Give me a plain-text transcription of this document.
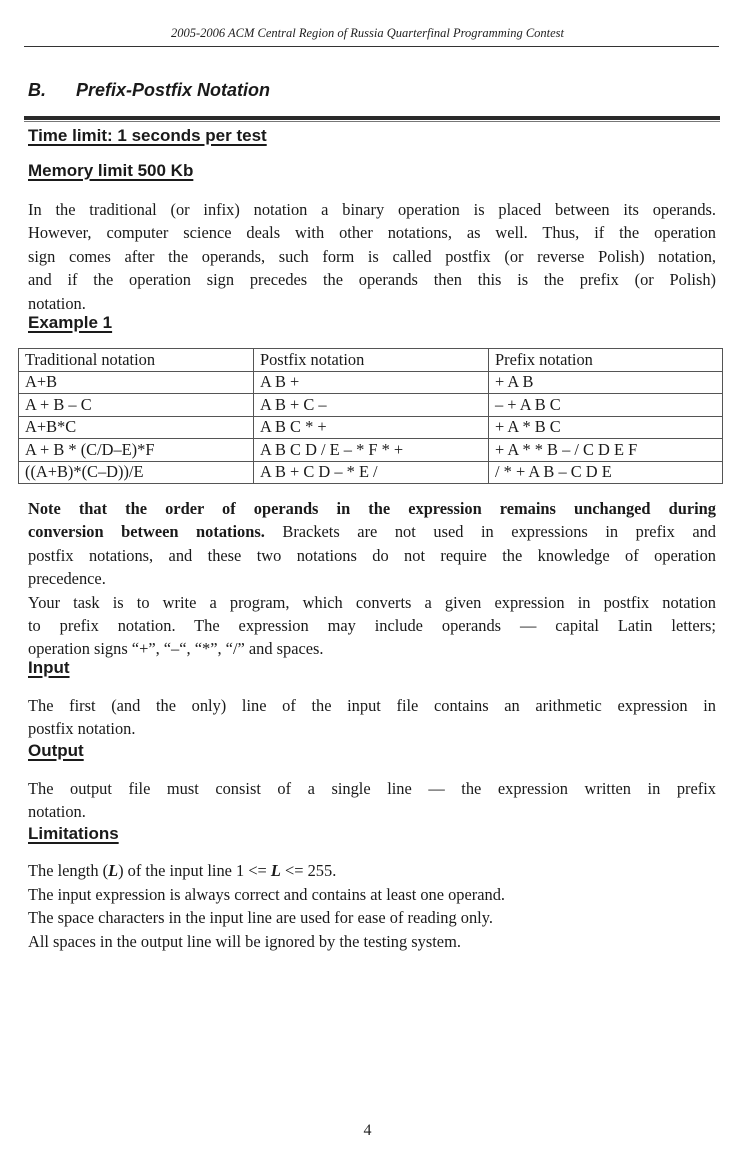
2005-2006 ACM Central Region of Russia Quarterfinal Programming Contest
B. Prefix-Postfix Notation
Time limit: 1 seconds per test
Memory limit 500 Kb
In the traditional (or infix) notation a binary operation is placed between its operands.
However, computer science deals with other notations, as well. Thus, if the operation
sign comes after the operands, such form is called postfix (or reverse Polish) notation,
and if the operation sign precedes the operands then this is the prefix (or Polish)
notation.
Example 1
Traditional notation	Postfix notation	Prefix notation
A+B	A B +	+ A B
A + B – C	A B + C –	– + A B C
A+B*C	A B C * +	+ A * B C
A + B * (C/D–E)*F	A B C D / E – * F * +	+ A * * B – / C D E F
((A+B)*(C–D))/E	A B + C D – * E /	/ * + A B – C D E
Note that the order of operands in the expression remains unchanged during
conversion between notations. Brackets are not used in expressions in prefix and
postfix notations, and these two notations do not require the knowledge of operation
precedence.
Your task is to write a program, which converts a given expression in postfix notation
to prefix notation. The expression may include operands — capital Latin letters;
operation signs “+”, “–“, “*”, “/” and spaces.
Input
The first (and the only) line of the input file contains an arithmetic expression in
postfix notation.
Output
The output file must consist of a single line — the expression written in prefix
notation.
Limitations
The length (L) of the input line 1 <= L <= 255.
The input expression is always correct and contains at least one operand.
The space characters in the input line are used for ease of reading only.
All spaces in the output line will be ignored by the testing system.
4
